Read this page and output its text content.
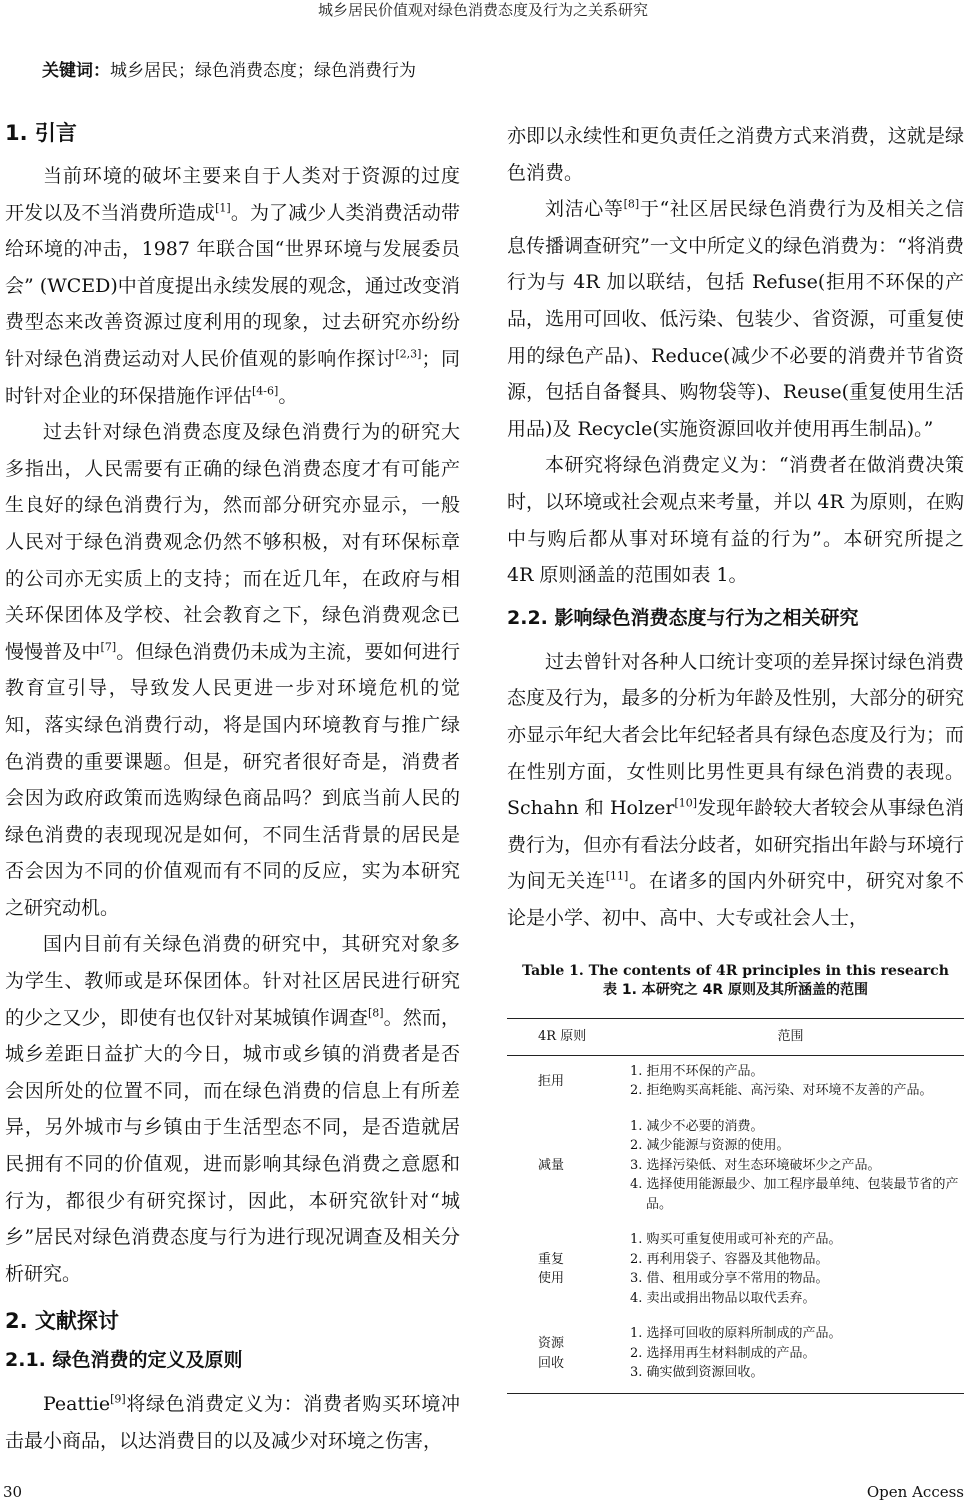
城乡居民价值观对绿色消费态度及行为之关系研究
关键词：城乡居民；绿色消费态度；绿色消费行为
1. 引言

当前环境的破坏主要来自于人类对于资源的过度开发以及不当消费所造成[1]。为了减少人类消费活动带给环境的冲击，1987 年联合国“世界环境与发展委员会” (WCED)中首度提出永续发展的观念，通过改变消费型态来改善资源过度利用的现象，过去研究亦纷纷针对绿色消费运动对人民价值观的影响作探讨[2,3]；同时针对企业的环保措施作评估[4-6]。

过去针对绿色消费态度及绿色消费行为的研究大多指出，人民需要有正确的绿色消费态度才有可能产生良好的绿色消费行为，然而部分研究亦显示，一般人民对于绿色消费观念仍然不够积极，对有环保标章的公司亦无实质上的支持；而在近几年，在政府与相关环保团体及学校、社会教育之下，绿色消费观念已慢慢普及中[7]。但绿色消费仍未成为主流，要如何进行教育宣引导，导致发人民更进一步对环境危机的觉知，落实绿色消费行动，将是国内环境教育与推广绿色消费的重要课题。但是，研究者很好奇是，消费者会因为政府政策而选购绿色商品吗？到底当前人民的绿色消费的表现现况是如何，不同生活背景的居民是否会因为不同的价值观而有不同的反应，实为本研究之研究动机。

国内目前有关绿色消费的研究中，其研究对象多为学生、教师或是环保团体。针对社区居民进行研究的少之又少，即使有也仅针对某城镇作调查[8]。然而，城乡差距日益扩大的今日，城市或乡镇的消费者是否会因所处的位置不同，而在绿色消费的信息上有所差异，另外城市与乡镇由于生活型态不同，是否造就居民拥有不同的价值观，进而影响其绿色消费之意愿和行为，都很少有研究探讨，因此，本研究欲针对“城乡”居民对绿色消费态度与行为进行现况调查及相关分析研究。

2. 文献探讨
2.1. 绿色消费的定义及原则

Peattie[9]将绿色消费定义为：消费者购买环境冲击最小商品，以达消费目的以及减少对环境之伤害，

亦即以永续性和更负责任之消费方式来消费，这就是绿色消费。

刘洁心等[8]于“社区居民绿色消费行为及相关之信息传播调查研究”一文中所定义的绿色消费为：“将消费行为与 4R 加以联结，包括 Refuse(拒用不环保的产品，选用可回收、低污染、包装少、省资源，可重复使用的绿色产品)、Reduce(减少不必要的消费并节省资源，包括自备餐具、购物袋等)、Reuse(重复使用生活用品)及 Recycle(实施资源回收并使用再生制品)。”

本研究将绿色消费定义为：“消费者在做消费决策时，以环境或社会观点来考量，并以 4R 为原则，在购中与购后都从事对环境有益的行为”。本研究所提之 4R 原则涵盖的范围如表 1。

2.2. 影响绿色消费态度与行为之相关研究

过去曾针对各种人口统计变项的差异探讨绿色消费态度及行为，最多的分析为年龄及性别，大部分的研究亦显示年纪大者会比年纪轻者具有绿色态度及行为；而在性别方面，女性则比男性更具有绿色消费的表现。Schahn 和 Holzer[10]发现年龄较大者较会从事绿色消费行为，但亦有看法分歧者，如研究指出年龄与环境行为间无关连[11]。在诸多的国内外研究中，研究对象不论是小学、初中、高中、大专或社会人士，

Table 1. The contents of 4R principles in this research
表 1. 本研究之 4R 原则及其所涵盖的范围
4R 原则	范围
拒用
1. 拒用不环保的产品。
2. 拒绝购买高耗能、高污染、对环境不友善的产品。
减量
1. 减少不必要的消费。
2. 减少能源与资源的使用。
3. 选择污染低、对生态环境破坏少之产品。
4. 选择使用能源最少、加工程序最单纯、包装最节省的产品。
重复
使用
1. 购买可重复使用或可补充的产品。
2. 再利用袋子、容器及其他物品。
3. 借、租用或分享不常用的物品。
4. 卖出或捐出物品以取代丢弃。
资源
回收
1. 选择可回收的原料所制成的产品。
2. 选择用再生材料制成的产品。
3. 确实做到资源回收。
30	Open Access
